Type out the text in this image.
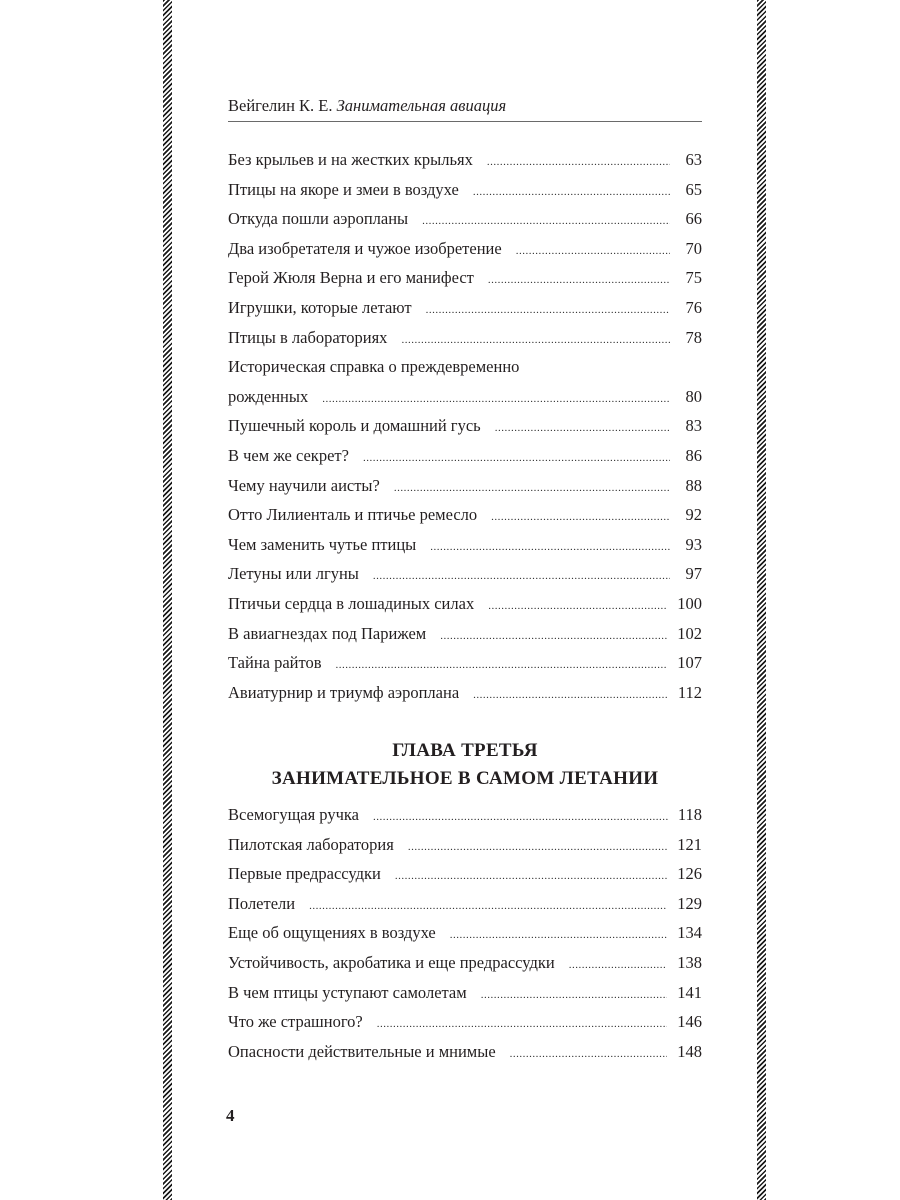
Вейгелин К. Е. Занимательная авиация
Без крыльев и на жестких крыльях .....	63
Птицы на якоре и змеи в воздухе .....	65
Откуда пошли аэропланы .....	66
Два изобретателя и чужое изобретение .....	70
Герой Жюля Верна и его манифест .....	75
Игрушки, которые летают .....	76
Птицы в лабораториях .....	78
Историческая справка о преждевременно
рожденных .....	80
Пушечный король и домашний гусь .....	83
В чем же секрет? .....	86
Чему научили аисты? .....	88
Отто Лилиенталь и птичье ремесло .....	92
Чем заменить чутье птицы .....	93
Летуны или лгуны .....	97
Птичьи сердца в лошадиных силах .....	100
В авиагнездах под Парижем .....	102
Тайна райтов .....	107
Авиатурнир и триумф аэроплана .....	112
ГЛАВА ТРЕТЬЯ
ЗАНИМАТЕЛЬНОЕ В САМОМ ЛЕТАНИИ
Всемогущая ручка .....	118
Пилотская лаборатория .....	121
Первые предрассудки .....	126
Полетели .....	129
Еще об ощущениях в воздухе .....	134
Устойчивость, акробатика и еще предрассудки .....	138
В чем птицы уступают самолетам .....	141
Что же страшного? .....	146
Опасности действительные и мнимые .....	148
4
